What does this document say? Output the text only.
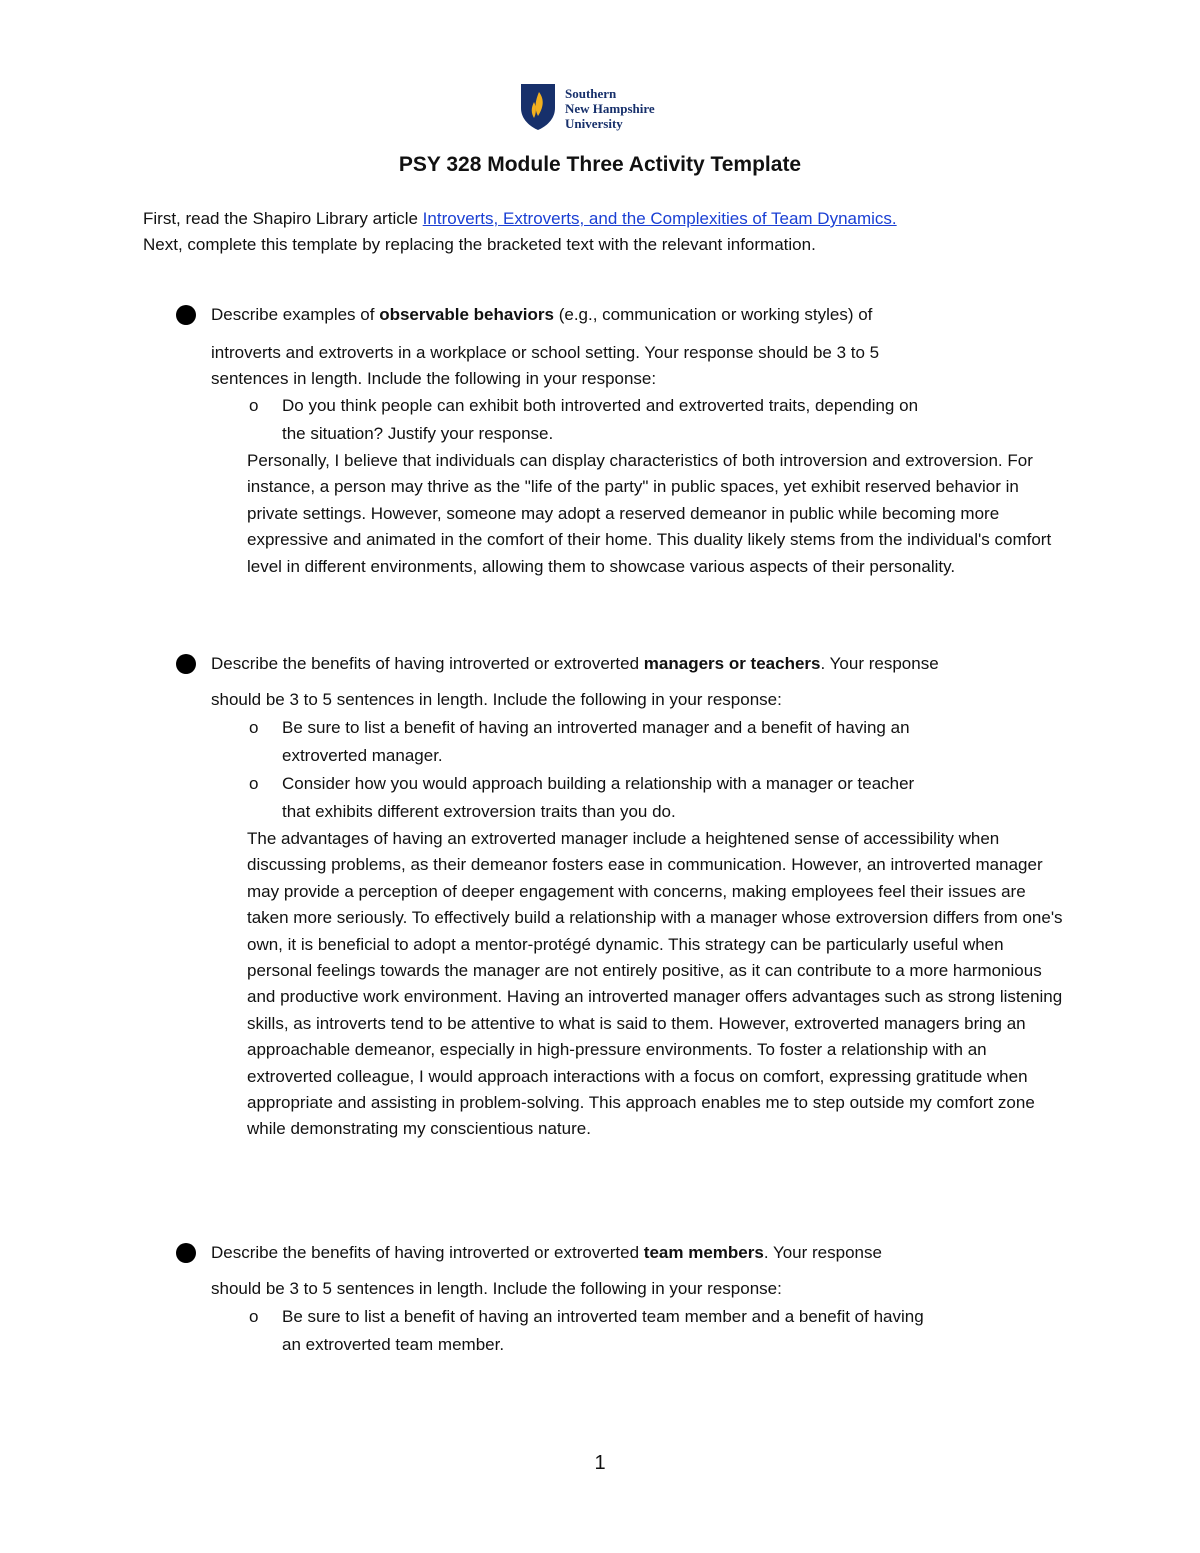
Southern
New Hampshire
University
PSY 328 Module Three Activity Template
First, read the Shapiro Library article Introverts, Extroverts, and the Complexities of Team Dynamics.
Next, complete this template by replacing the bracketed text with the relevant information.
Describe examples of observable behaviors (e.g., communication or working styles) of
introverts and extroverts in a workplace or school setting. Your response should be 3 to 5
sentences in length. Include the following in your response:
o Do you think people can exhibit both introverted and extroverted traits, depending on
the situation? Justify your response.
Personally, I believe that individuals can display characteristics of both introversion and extroversion. For instance, a person may thrive as the "life of the party" in public spaces, yet exhibit reserved behavior in private settings. However, someone may adopt a reserved demeanor in public while becoming more expressive and animated in the comfort of their home. This duality likely stems from the individual's comfort level in different environments, allowing them to showcase various aspects of their personality.
Describe the benefits of having introverted or extroverted managers or teachers. Your response
should be 3 to 5 sentences in length. Include the following in your response:
o Be sure to list a benefit of having an introverted manager and a benefit of having an
extroverted manager.
o Consider how you would approach building a relationship with a manager or teacher
that exhibits different extroversion traits than you do.
The advantages of having an extroverted manager include a heightened sense of accessibility when discussing problems, as their demeanor fosters ease in communication. However, an introverted manager may provide a perception of deeper engagement with concerns, making employees feel their issues are taken more seriously. To effectively build a relationship with a manager whose extroversion differs from one's own, it is beneficial to adopt a mentor-protégé dynamic. This strategy can be particularly useful when personal feelings towards the manager are not entirely positive, as it can contribute to a more harmonious and productive work environment. Having an introverted manager offers advantages such as strong listening skills, as introverts tend to be attentive to what is said to them. However, extroverted managers bring an approachable demeanor, especially in high-pressure environments. To foster a relationship with an extroverted colleague, I would approach interactions with a focus on comfort, expressing gratitude when appropriate and assisting in problem-solving. This approach enables me to step outside my comfort zone while demonstrating my conscientious nature.
Describe the benefits of having introverted or extroverted team members. Your response
should be 3 to 5 sentences in length. Include the following in your response:
o Be sure to list a benefit of having an introverted team member and a benefit of having
an extroverted team member.
1
